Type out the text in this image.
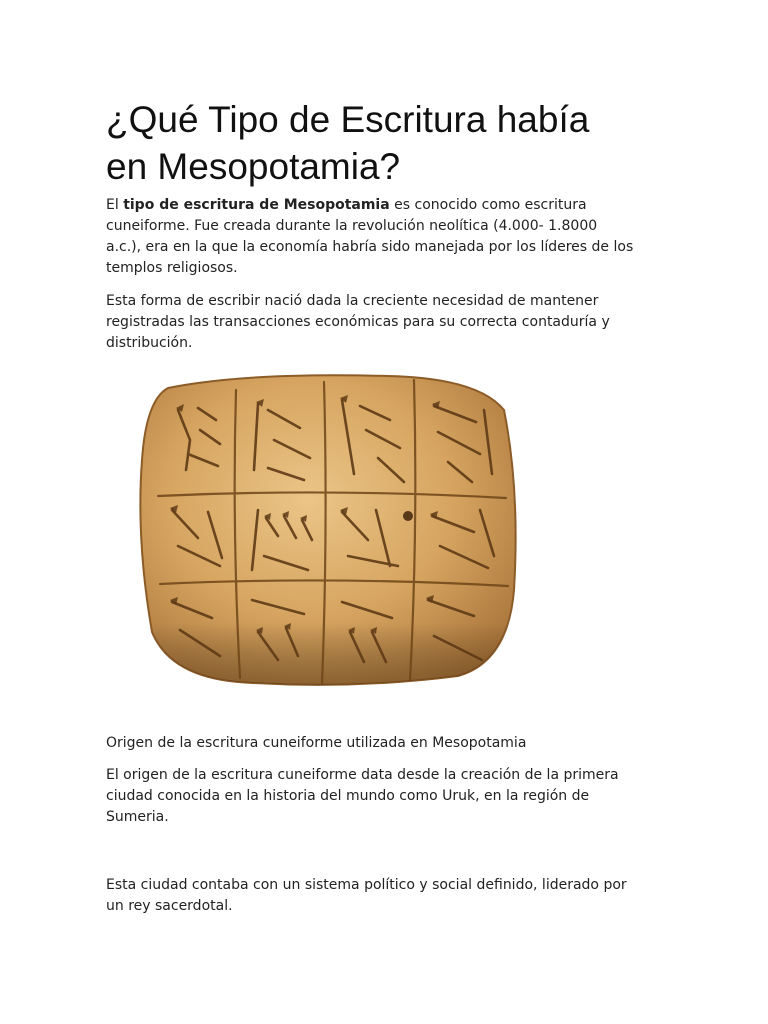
¿Qué Tipo de Escritura había
en Mesopotamia?

El tipo de escritura de Mesopotamia es conocido como escritura
cuneiforme. Fue creada durante la revolución neolítica (4.000- 1.8000
a.c.), era en la que la economía habría sido manejada por los líderes de los
templos religiosos.

Esta forma de escribir nació dada la creciente necesidad de mantener
registradas las transacciones económicas para su correcta contaduría y
distribución.

Origen de la escritura cuneiforme utilizada en Mesopotamia

El origen de la escritura cuneiforme data desde la creación de la primera
ciudad conocida en la historia del mundo como Uruk, en la región de
Sumeria.

Esta ciudad contaba con un sistema político y social definido, liderado por
un rey sacerdotal.
